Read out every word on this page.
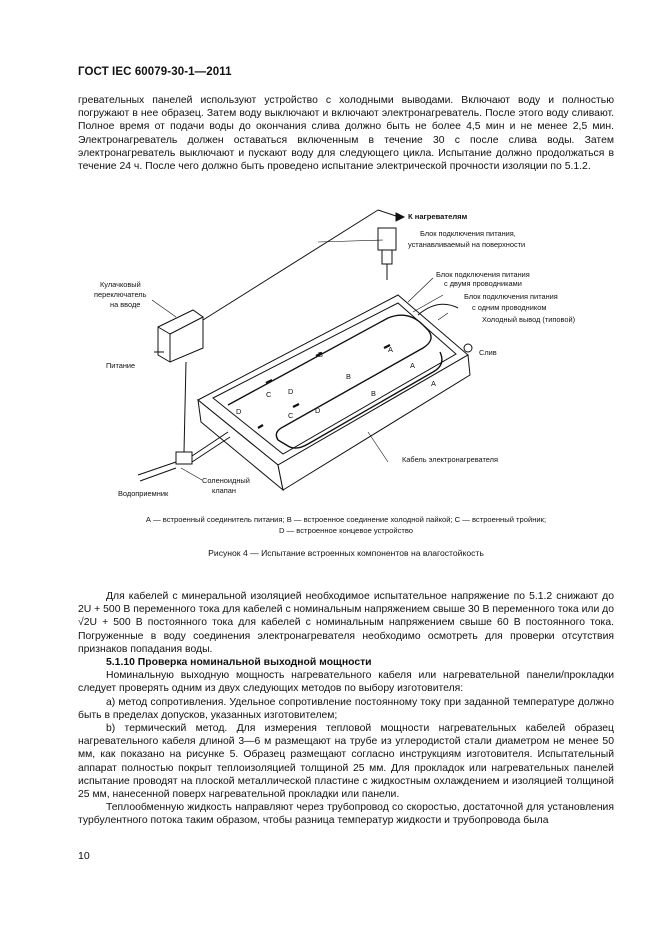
ГОСТ IEC 60079-30-1—2011

гревательных панелей используют устройство с холодными выводами. Включают воду и полностью погружают в нее образец. Затем воду выключают и включают электронагреватель. После этого воду сливают. Полное время от подачи воды до окончания слива должно быть не более 4,5 мин и не менее 2,5 мин. Электронагреватель должен оставаться включенным в течение 30 с после слива воды. Затем электронагреватель выключают и пускают воду для следующего цикла. Испытание должно продолжаться в течение 24 ч. После чего должно быть проведено испытание электрической прочности изоляции по 5.1.2.

К нагревателям
Блок подключения питания,
устанавливаемый на поверхности
Кулачковый
переключатель
на вводе
Питание
Блок подключения питания
с двумя проводниками
Блок подключения питания
с одним проводником
Холодный вывод (типовой)
Слив
Кабель электронагревателя
Водоприемник
Соленоидный
клапан
B
B
B
A
A
A
C
C
D
D	D
А — встроенный соединитель питания; В — встроенное соединение холодной пайкой; С — встроенный тройник;
D — встроенное концевое устройство
Рисунок 4 — Испытание встроенных компонентов на влагостойкость

Для кабелей с минеральной изоляцией необходимое испытательное напряжение по 5.1.2 снижают до 2U + 500 В переменного тока для кабелей с номинальным напряжением свыше 30 В переменного тока или до √2U + 500 В постоянного тока для кабелей с номинальным напряжением свыше 60 В постоянного тока. Погруженные в воду соединения электронагревателя необходимо осмотреть для проверки отсутствия признаков попадания воды.

5.1.10 Проверка номинальной выходной мощности

Номинальную выходную мощность нагревательного кабеля или нагревательной панели/прокладки следует проверять одним из двух следующих методов по выбору изготовителя:

а) метод сопротивления. Удельное сопротивление постоянному току при заданной температуре должно быть в пределах допусков, указанных изготовителем;

b) термический метод. Для измерения тепловой мощности нагревательных кабелей образец нагревательного кабеля длиной 3—6 м размещают на трубе из углеродистой стали диаметром не менее 50 мм, как показано на рисунке 5. Образец размещают согласно инструкциям изготовителя. Испытательный аппарат полностью покрыт теплоизоляцией толщиной 25 мм. Для прокладок или нагревательных панелей испытание проводят на плоской металлической пластине с жидкостным охлаждением и изоляцией толщиной 25 мм, нанесенной поверх нагревательной прокладки или панели.

Теплообменную жидкость направляют через трубопровод со скоростью, достаточной для установления турбулентного потока таким образом, чтобы разница температур жидкости и трубопровода была

10
